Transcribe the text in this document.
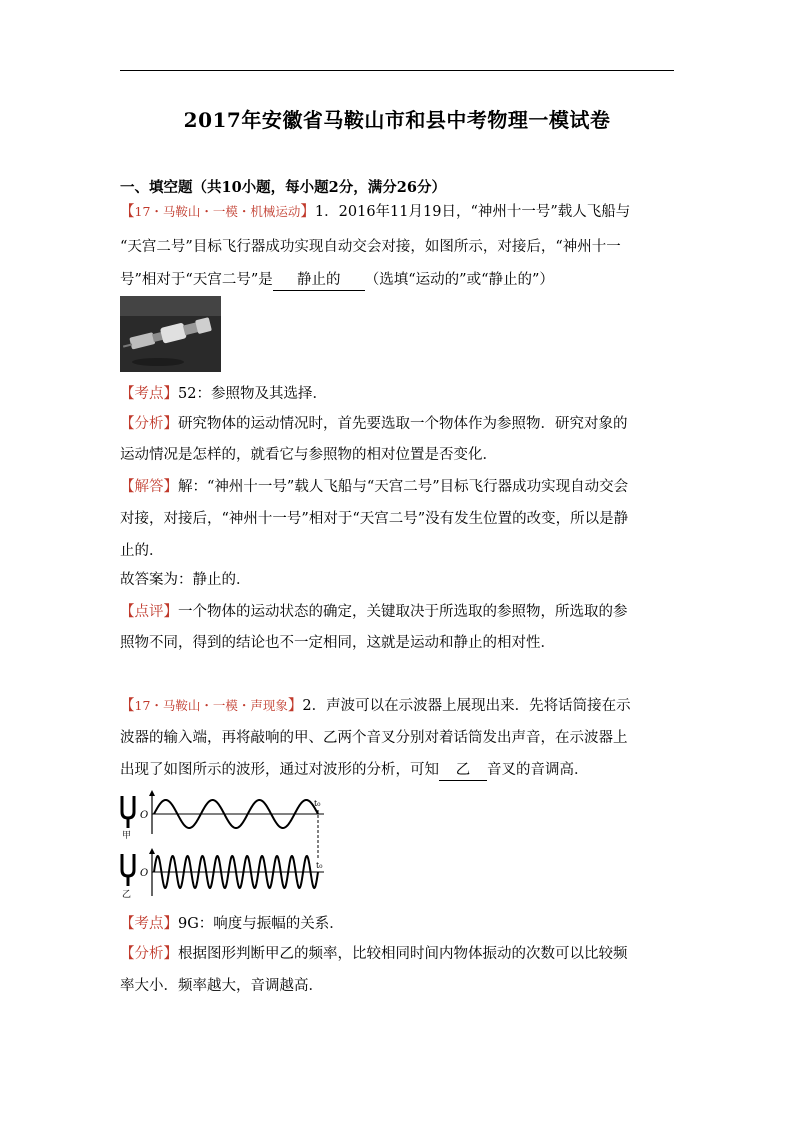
2017年安徽省马鞍山市和县中考物理一模试卷
一、填空题（共10小题，每小题2分，满分26分）
【17・马鞍山・一模・机械运动】1．2016年11月19日，“神州十一号”载人飞船与
“天宫二号”目标飞行器成功实现自动交会对接，如图所示，对接后，“神州十一
号”相对于“天宫二号”是 静止的 （选填“运动的”或“静止的”）
【考点】52：参照物及其选择．
【分析】研究物体的运动情况时，首先要选取一个物体作为参照物．研究对象的
运动情况是怎样的，就看它与参照物的相对位置是否变化．
【解答】解：“神州十一号”载人飞船与“天宫二号”目标飞行器成功实现自动交会
对接，对接后，“神州十一号”相对于“天宫二号”没有发生位置的改变，所以是静
止的．
故答案为：静止的．
【点评】一个物体的运动状态的确定，关键取决于所选取的参照物，所选取的参
照物不同，得到的结论也不一定相同，这就是运动和静止的相对性．
【17・马鞍山・一模・声现象】2．声波可以在示波器上展现出来．先将话筒接在示
波器的输入端，再将敲响的甲、乙两个音叉分别对着话筒发出声音，在示波器上
出现了如图所示的波形，通过对波形的分析，可知 乙 音叉的音调高．
甲
乙
O
t₀
O
t₀
【考点】9G：响度与振幅的关系．
【分析】根据图形判断甲乙的频率，比较相同时间内物体振动的次数可以比较频
率大小．频率越大，音调越高．
